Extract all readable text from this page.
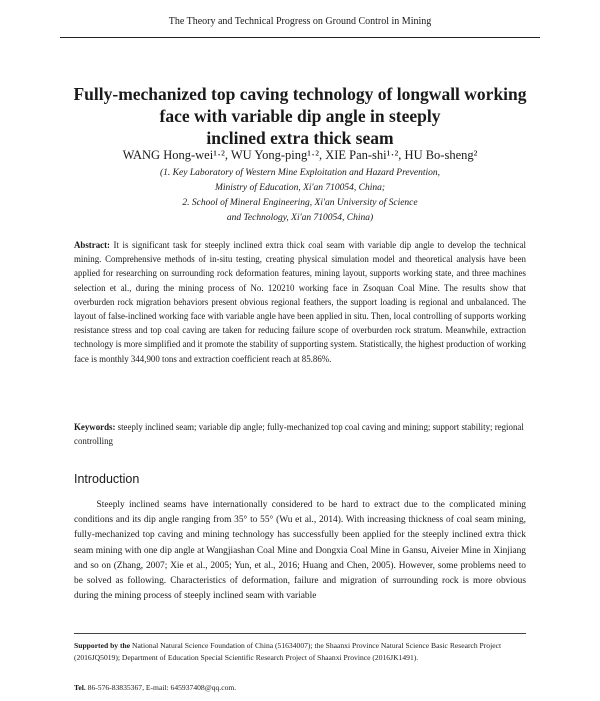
The Theory and Technical Progress on Ground Control in Mining
Fully-mechanized top caving technology of longwall working
face with variable dip angle in steeply
inclined extra thick seam
WANG Hong-wei¹·², WU Yong-ping¹·², XIE Pan-shi¹·², HU Bo-sheng²
(1. Key Laboratory of Western Mine Exploitation and Hazard Prevention,
Ministry of Education, Xi'an 710054, China;
2. School of Mineral Engineering, Xi'an University of Science
and Technology, Xi'an 710054, China)
Abstract: It is significant task for steeply inclined extra thick coal seam with variable dip angle to develop the technical mining. Comprehensive methods of in-situ testing, creating physical simulation model and theoretical analysis have been applied for researching on surrounding rock deformation features, mining layout, supports working state, and three machines selection et al., during the mining process of No. 120210 working face in Zsoquan Coal Mine. The results show that overburden rock migration behaviors present obvious regional feathers, the support loading is regional and unbalanced. The layout of false-inclined working face with variable angle have been applied in situ. Then, local controlling of supports working resistance stress and top coal caving are taken for reducing failure scope of overburden rock stratum. Meanwhile, extraction technology is more simplified and it promote the stability of supporting system. Statistically, the highest production of working face is monthly 344,900 tons and extraction coefficient reach at 85.86%.
Keywords: steeply inclined seam; variable dip angle; fully-mechanized top coal caving and mining; support stability; regional controlling
Introduction
Steeply inclined seams have internationally considered to be hard to extract due to the complicated mining conditions and its dip angle ranging from 35° to 55° (Wu et al., 2014). With increasing thickness of coal seam mining, fully-mechanized top caving and mining technology has successfully been applied for the steeply inclined extra thick seam mining with one dip angle at Wangjiashan Coal Mine and Dongxia Coal Mine in Gansu, Aiveier Mine in Xinjiang and so on (Zhang, 2007; Xie et al., 2005; Yun, et al., 2016; Huang and Chen, 2005). However, some problems need to be solved as following. Characteristics of deformation, failure and migration of surrounding rock is more obvious during the mining process of steeply inclined seam with variable
Supported by the National Natural Science Foundation of China (51634007); the Shaanxi Province Natural Science Basic Research Project (2016JQ5019); Department of Education Special Scientific Research Project of Shaanxi Province (2016JK1491).
Tel. 86-576-83835367, E-mail: 645937408@qq.com.
